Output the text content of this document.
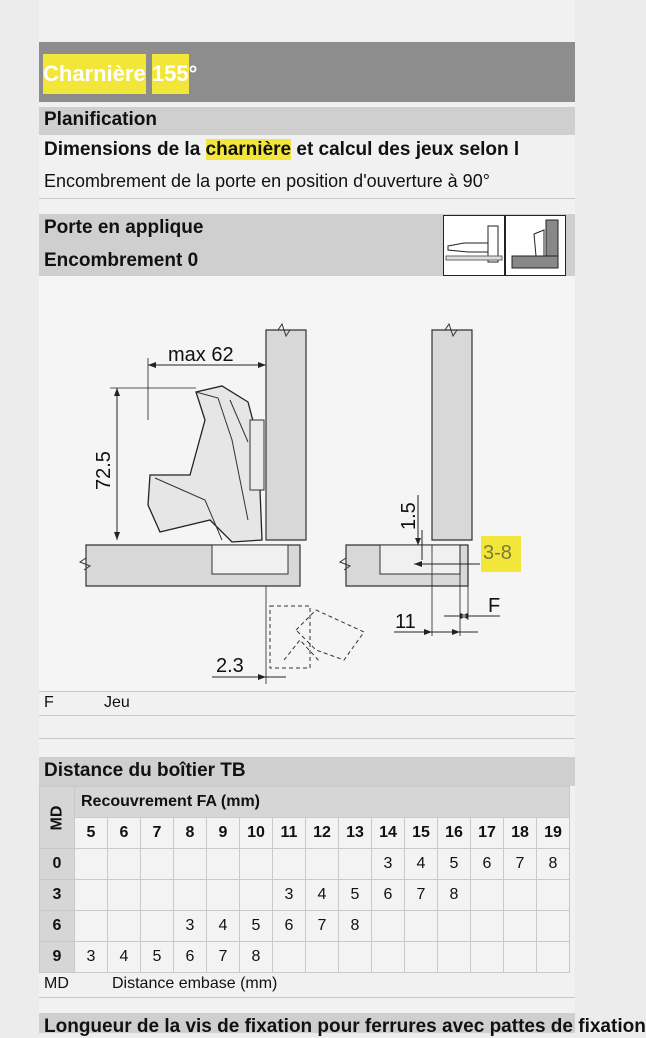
Charnière 155°
Planification
Dimensions de la charnière et calcul des jeux selon l
Encombrement de la porte en position d'ouverture à 90°
Porte en applique
Encombrement 0
max 62
72.5
2.3
1.5
3-8
11
F
F	Jeu
Distance du boîtier TB
MD	Recouvrement FA (mm)														
	5	6	7	8	9	10	11	12	13	14	15	16	17	18	19
0										3	4	5	6	7	8
3							3	4	5	6	7	8			
6				3	4	5	6	7	8						
9	3	4	5	6	7	8									
MD	Distance embase (mm)
Longueur de la vis de fixation pour ferrures avec pattes de fixation
